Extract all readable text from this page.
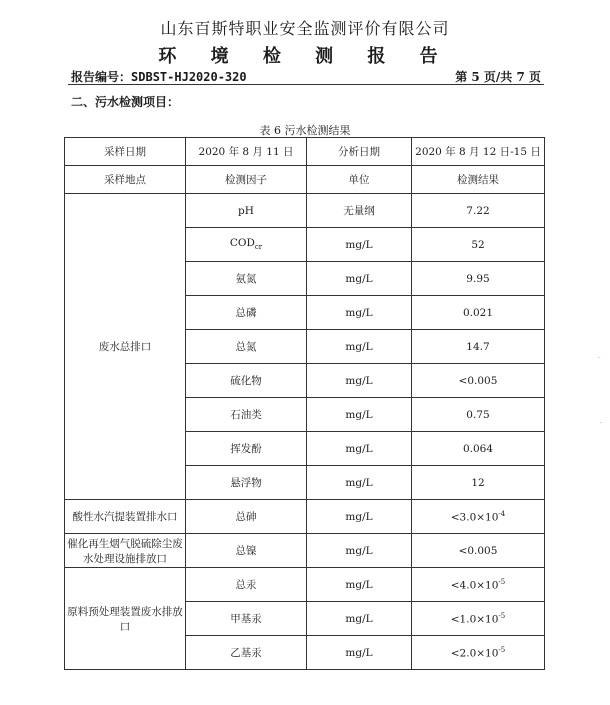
山东百斯特职业安全监测评价有限公司
环 境 检 测 报 告
报告编号：SDBST-HJ2020-320	第 5 页/共 7 页
二、污水检测项目：
表 6 污水检测结果
采样日期	2020 年 8 月 11 日	分析日期	2020 年 8 月 12 日-15 日
采样地点	检测因子	单位	检测结果
废水总排口	pH	无量纲	7.22
	$COD_{cr}$	mg/L	52
	氨氮	mg/L	9.95
	总磷	mg/L	0.021
	总氮	mg/L	14.7
	硫化物	mg/L	<0.005
	石油类	mg/L	0.75
	挥发酚	mg/L	0.064
	悬浮物	mg/L	12
酸性水汽提装置排水口	总砷	mg/L	$<3.0\times 10^{-4}$
催化再生烟气脱硫除尘废水处理设施排放口	总镍	mg/L	<0.005
原料预处理装置废水排放口	总汞	mg/L	$<4.0\times 10^{-5}$
	甲基汞	mg/L	$<1.0\times 10^{-5}$
	乙基汞	mg/L	$<2.0\times 10^{-5}$
·
·
